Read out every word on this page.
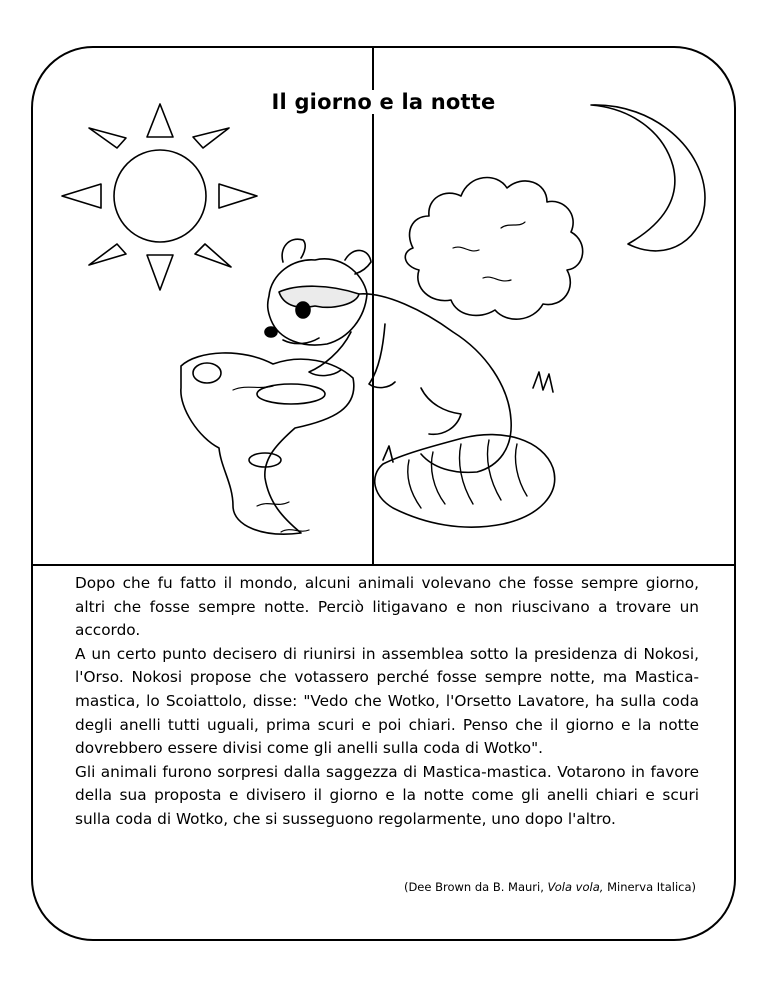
Il giorno e la notte

Dopo che fu fatto il mondo, alcuni animali volevano che fosse sempre giorno, altri che fosse sempre notte. Perciò litigavano e non riuscivano a trovare un accordo.

A un certo punto decisero di riunirsi in assemblea sotto la presidenza di Nokosi, l'Orso. Nokosi propose che votassero perché fosse sempre notte, ma Mastica-mastica, lo Scoiattolo, disse: "Vedo che Wotko, l'Orsetto Lavatore, ha sulla coda degli anelli tutti uguali, prima scuri e poi chiari. Penso che il giorno e la notte dovrebbero essere divisi come gli anelli sulla coda di Wotko".

Gli animali furono sorpresi dalla saggezza di Mastica-mastica. Votarono in favore della sua proposta e divisero il giorno e la notte come gli anelli chiari e scuri sulla coda di Wotko, che si susseguono regolarmente, uno dopo l'altro.

(Dee Brown da B. Mauri, Vola vola, Minerva Italica)
